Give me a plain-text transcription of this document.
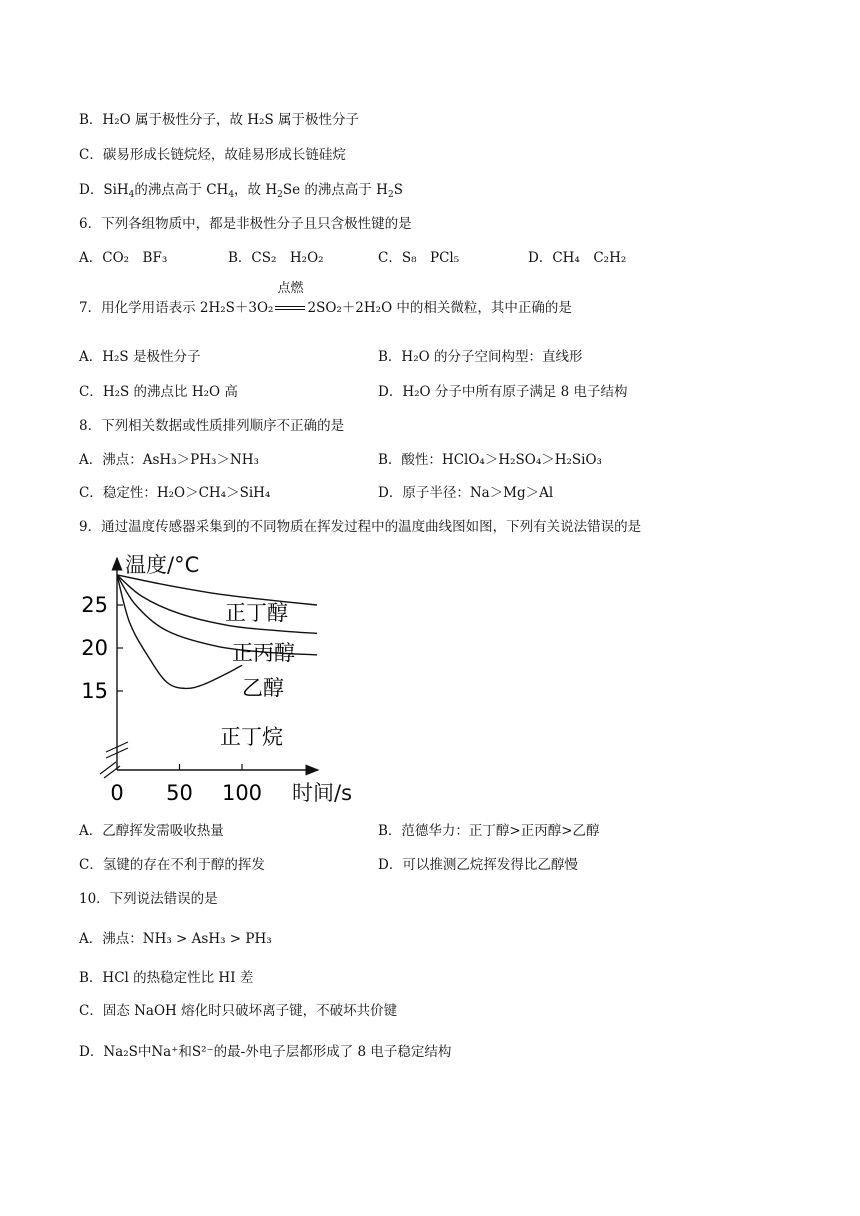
B．H₂O 属于极性分子，故 H₂S 属于极性分子
C．碳易形成长链烷烃，故硅易形成长链硅烷
D．SiH$_4$的沸点高于 $CH_4$，故 $H_2Se$ 的沸点高于 $H_2S$
6．下列各组物质中，都是非极性分子且只含极性键的是
A．CO₂　BF₃	B．CS₂　H₂O₂	C．S₈　PCl₅	D．CH₄　C₂H₂
7．用化学用语表示 2H₂S＋3O₂
点燃
2SO₂＋2H₂O 中的相关微粒，其中正确的是
A．H₂S 是极性分子	B．H₂O 的分子空间构型：直线形
C．H₂S 的沸点比 H₂O 高	D．H₂O 分子中所有原子满足 8 电子结构
8．下列相关数据或性质排列顺序不正确的是
A．沸点：AsH₃＞PH₃＞NH₃	B．酸性：HClO₄＞H₂SO₄＞H₂SiO₃
C．稳定性：H₂O＞CH₄＞SiH₄	D．原子半径：Na＞Mg＞Al
9．通过温度传感器采集到的不同物质在挥发过程中的温度曲线图如图，下列有关说法错误的是
温度/°C
时间/s
0 50 100
15
20
25	正丁醇
正丙醇
乙醇
正丁烷
A．乙醇挥发需吸收热量	B．范德华力：正丁醇>正丙醇>乙醇
C．氢键的存在不利于醇的挥发	D．可以推测乙烷挥发得比乙醇慢
10．下列说法错误的是
A．沸点：NH₃ > AsH₃ > PH₃
B．HCl 的热稳定性比 HI 差
C．固态 NaOH 熔化时只破坏离子键，不破坏共价键
D．Na₂S中Na⁺和S²⁻的最-外电子层都形成了 8 电子稳定结构
